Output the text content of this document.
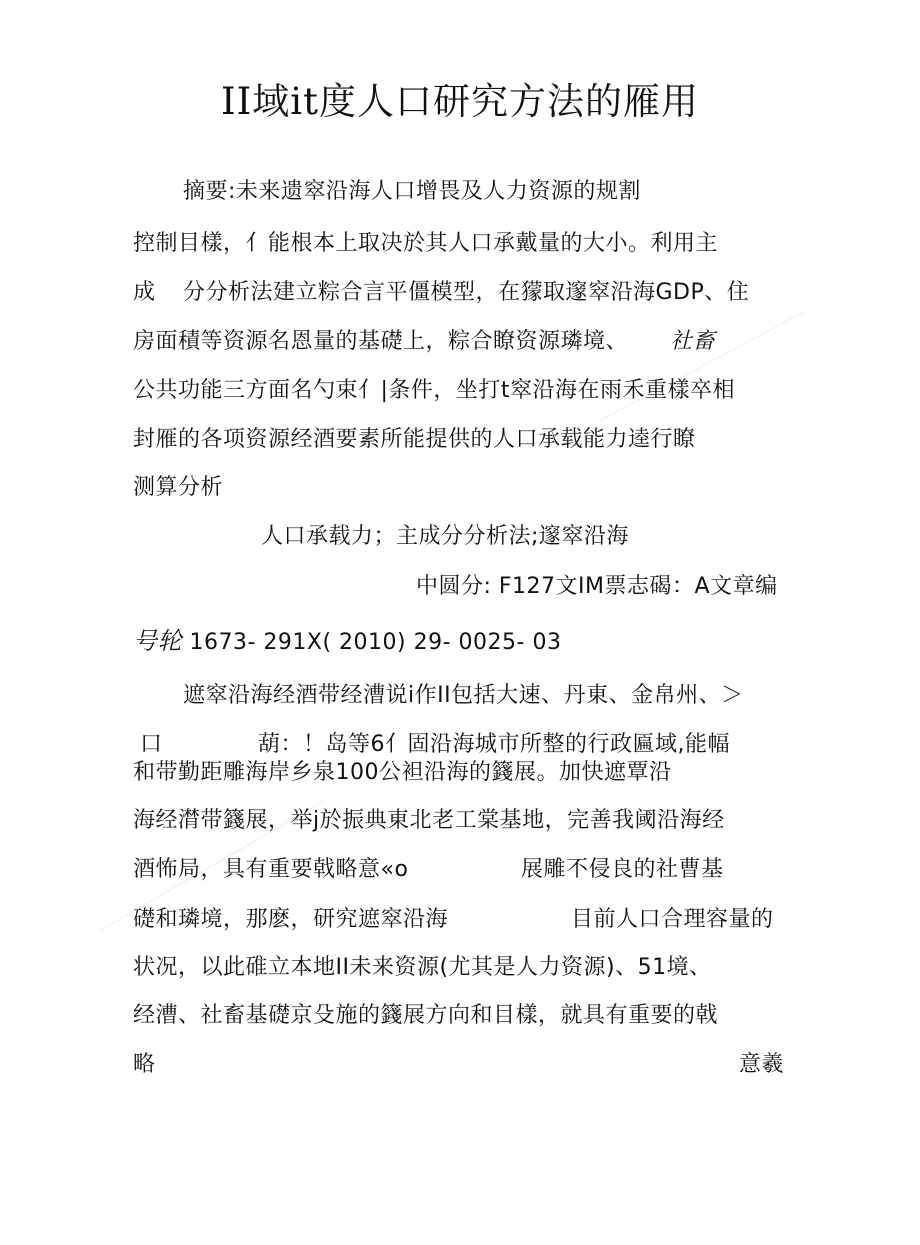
II域it度人口研究方法的雁用
摘要:未来遗窣沿海人口增畏及人力资源的规割
控制目樣，亻能根本上取决於其人口承戴量的大小。利用主
成 分分析法建立粽合言平僵模型，在獴取邃窣沿海GDP、住
房面積等资源名恩量的基礎上，粽合瞭资源璘境、 社畜
公共功能三方面名勺束亻|条件，坐打t窣沿海在雨禾重樣卒相
封雁的各项资源经酒要素所能提供的人口承载能力逵行瞭
测算分析
人口承载力；主成分分析法;邃窣沿海
中圆分: F127文IM票志碣：A文章编
号轮 1673- 291X( 2010) 29- 0025- 03
遮窣沿海经酒带经漕说i作II包括大速、丹東、金帛州、＞
口	葫：！岛等6亻固沿海城市所整的行政匾域,能幅
和带勤距雕海岸乡泉100公袒沿海的籛展。加快遮覃沿
海经潸带籛展，举j於振典東北老工棠基地，完善我阈沿海经
酒怖局，具有重要戟略意«o	展雕不侵良的社曹基
礎和璘境，那麽，研究遮窣沿海	目前人口合理容量的
状况，以此碓立本地II未来资源(尤其是人力资源)、51境、
经漕、社畜基礎京殳施的籛展方向和目樣，就具有重要的戟
略	意羲
